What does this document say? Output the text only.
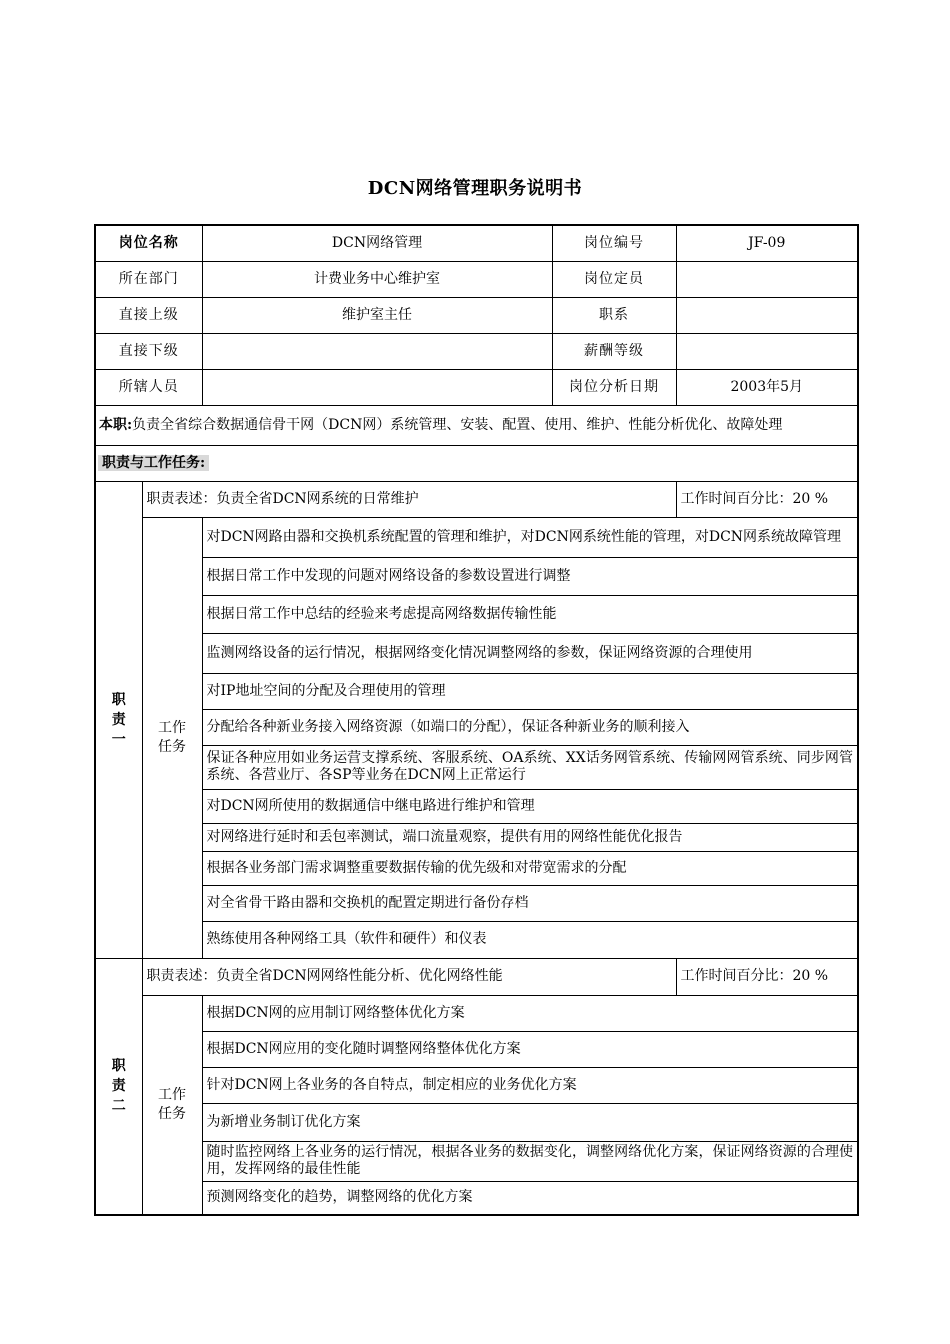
DCN网络管理职务说明书
岗位名称		DCN网络管理	岗位编号	JF-09
所在部门		计费业务中心维护室	岗位定员	
直接上级		维护室主任	职系	
直接下级			薪酬等级	
所辖人员			岗位分析日期	2003年5月
本职:负责全省综合数据通信骨干网（DCN网）系统管理、安装、配置、使用、维护、性能分析优化、故障处理				
职责与工作任务:				
职责一	职责表述：负责全省DCN网系统的日常维护			工作时间百分比：20 %
	工作任务	对DCN网路由器和交换机系统配置的管理和维护，对DCN网系统性能的管理，对DCN网系统故障管理		
		根据日常工作中发现的问题对网络设备的参数设置进行调整		
		根据日常工作中总结的经验来考虑提高网络数据传输性能		
		监测网络设备的运行情况，根据网络变化情况调整网络的参数，保证网络资源的合理使用		
		对IP地址空间的分配及合理使用的管理		
		分配给各种新业务接入网络资源（如端口的分配），保证各种新业务的顺利接入		
		保证各种应用如业务运营支撑系统、客服系统、OA系统、XX话务网管系统、传输网网管系统、同步网管系统、各营业厅、各SP等业务在DCN网上正常运行		
		对DCN网所使用的数据通信中继电路进行维护和管理		
		对网络进行延时和丢包率测试，端口流量观察，提供有用的网络性能优化报告		
		根据各业务部门需求调整重要数据传输的优先级和对带宽需求的分配		
		对全省骨干路由器和交换机的配置定期进行备份存档		
		熟练使用各种网络工具（软件和硬件）和仪表		
职责二	职责表述：负责全省DCN网网络性能分析、优化网络性能			工作时间百分比：20 %
	工作任务	根据DCN网的应用制订网络整体优化方案		
		根据DCN网应用的变化随时调整网络整体优化方案		
		针对DCN网上各业务的各自特点，制定相应的业务优化方案		
		为新增业务制订优化方案		
		随时监控网络上各业务的运行情况，根据各业务的数据变化，调整网络优化方案，保证网络资源的合理使用，发挥网络的最佳性能		
		预测网络变化的趋势，调整网络的优化方案		
